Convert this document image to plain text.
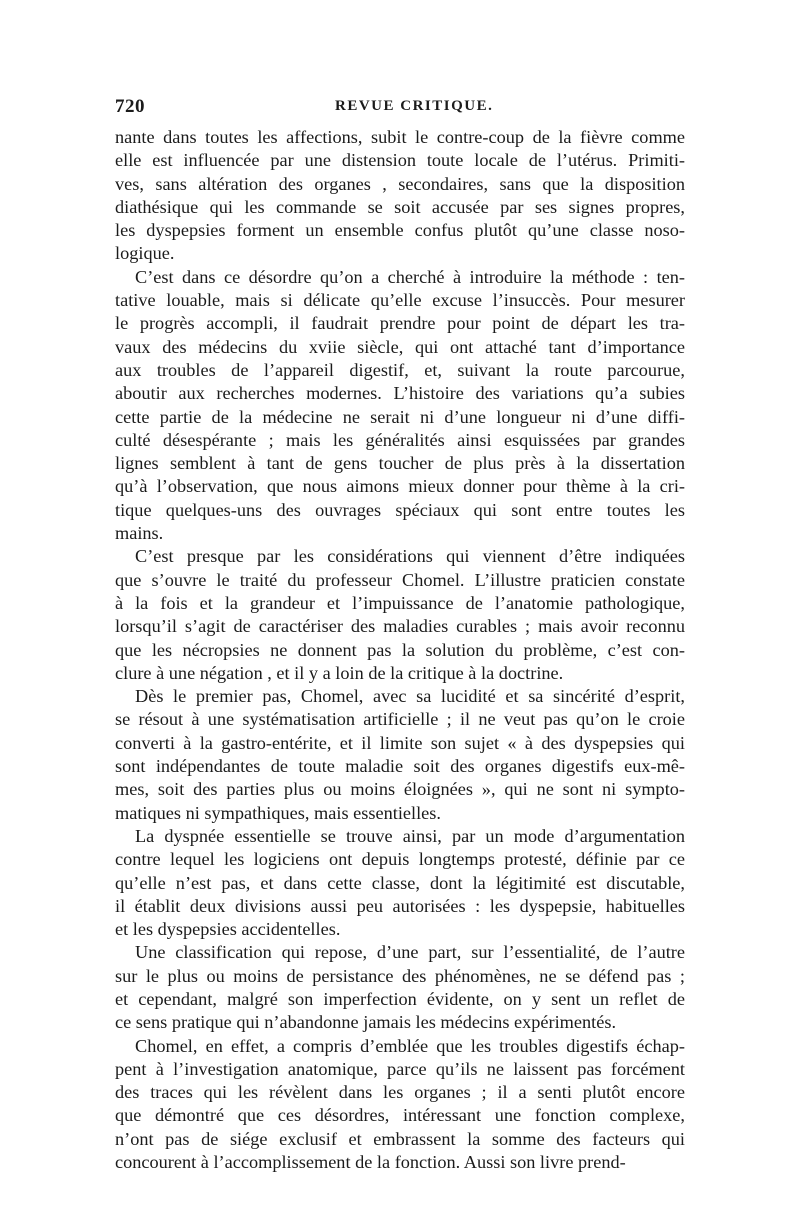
720	REVUE CRITIQUE.
nante dans toutes les affections, subit le contre-coup de la fièvre comme
elle est influencée par une distension toute locale de l’utérus. Primiti-
ves, sans altération des organes , secondaires, sans que la disposition
diathésique qui les commande se soit accusée par ses signes propres,
les dyspepsies forment un ensemble confus plutôt qu’une classe noso-
logique.
C’est dans ce désordre qu’on a cherché à introduire la méthode : ten-
tative louable, mais si délicate qu’elle excuse l’insuccès. Pour mesurer
le progrès accompli, il faudrait prendre pour point de départ les tra-
vaux des médecins du xviie siècle, qui ont attaché tant d’importance
aux troubles de l’appareil digestif, et, suivant la route parcourue,
aboutir aux recherches modernes. L’histoire des variations qu’a subies
cette partie de la médecine ne serait ni d’une longueur ni d’une diffi-
culté désespérante ; mais les généralités ainsi esquissées par grandes
lignes semblent à tant de gens toucher de plus près à la dissertation
qu’à l’observation, que nous aimons mieux donner pour thème à la cri-
tique quelques-uns des ouvrages spéciaux qui sont entre toutes les
mains.
C’est presque par les considérations qui viennent d’être indiquées
que s’ouvre le traité du professeur Chomel. L’illustre praticien constate
à la fois et la grandeur et l’impuissance de l’anatomie pathologique,
lorsqu’il s’agit de caractériser des maladies curables ; mais avoir reconnu
que les nécropsies ne donnent pas la solution du problème, c’est con-
clure à une négation , et il y a loin de la critique à la doctrine.
Dès le premier pas, Chomel, avec sa lucidité et sa sincérité d’esprit,
se résout à une systématisation artificielle ; il ne veut pas qu’on le croie
converti à la gastro-entérite, et il limite son sujet « à des dyspepsies qui
sont indépendantes de toute maladie soit des organes digestifs eux-mê-
mes, soit des parties plus ou moins éloignées », qui ne sont ni sympto-
matiques ni sympathiques, mais essentielles.
La dyspnée essentielle se trouve ainsi, par un mode d’argumentation
contre lequel les logiciens ont depuis longtemps protesté, définie par ce
qu’elle n’est pas, et dans cette classe, dont la légitimité est discutable,
il établit deux divisions aussi peu autorisées : les dyspepsie, habituelles
et les dyspepsies accidentelles.
Une classification qui repose, d’une part, sur l’essentialité, de l’autre
sur le plus ou moins de persistance des phénomènes, ne se défend pas ;
et cependant, malgré son imperfection évidente, on y sent un reflet de
ce sens pratique qui n’abandonne jamais les médecins expérimentés.
Chomel, en effet, a compris d’emblée que les troubles digestifs échap-
pent à l’investigation anatomique, parce qu’ils ne laissent pas forcément
des traces qui les révèlent dans les organes ; il a senti plutôt encore
que démontré que ces désordres, intéressant une fonction complexe,
n’ont pas de siége exclusif et embrassent la somme des facteurs qui
concourent à l’accomplissement de la fonction. Aussi son livre prend-
